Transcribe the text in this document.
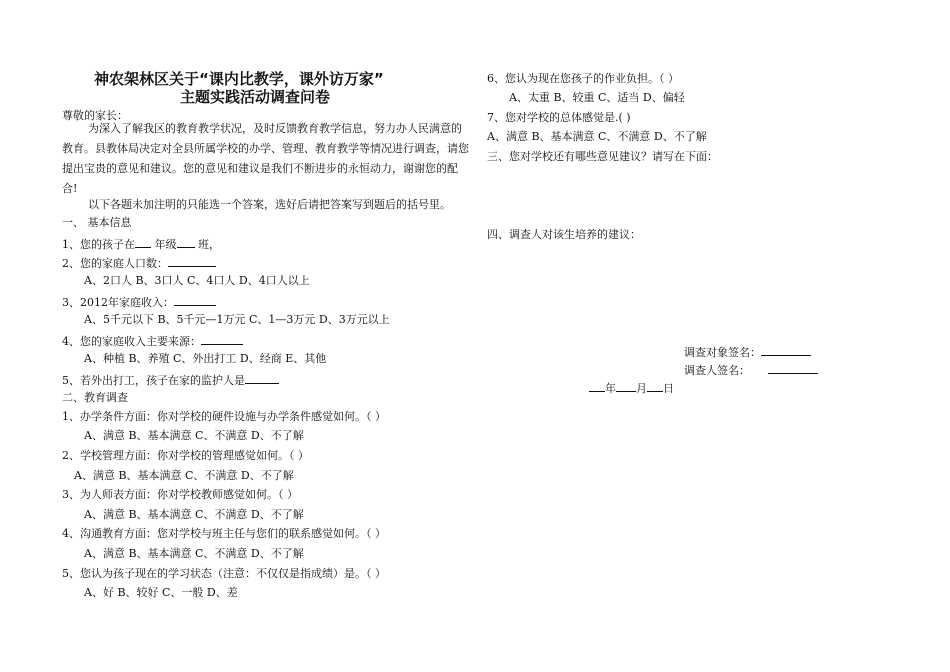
神农架林区关于“课内比教学，课外访万家”
主题实践活动调查问卷
尊敬的家长：
为深入了解我区的教育教学状况，及时反馈教育教学信息，努力办人民满意的教育。县教体局决定对全县所属学校的办学、管理、教育教学等情况进行调查，请您提出宝贵的意见和建议。您的意见和建议是我们不断进步的永恒动力，谢谢您的配合!
以下各题未加注明的只能选一个答案，选好后请把答案写到题后的括号里。
一、 基本信息
1、您的孩子在 年级 班，
2、您的家庭人口数：
A、2口人 B、3口人 C、4口人 D、4口人以上
3、2012年家庭收入：
A、5千元以下 B、5千元—1万元 C、1—3万元 D、3万元以上
4、您的家庭收入主要来源：
A、种植 B、养殖 C、外出打工 D、经商 E、其他
5、若外出打工，孩子在家的监护人是
二、教育调查
1、办学条件方面：你对学校的硬件设施与办学条件感觉如何。（ ）
A、满意 B、基本满意 C、不满意 D、不了解
2、学校管理方面：你对学校的管理感觉如何。（ ）
A、满意 B、基本满意 C、不满意 D、不了解
3、为人师表方面：你对学校教师感觉如何。（ ）
A、满意 B、基本满意 C、不满意 D、不了解
4、沟通教育方面：您对学校与班主任与您们的联系感觉如何。（ ）
A、满意 B、基本满意 C、不满意 D、不了解
5、您认为孩子现在的学习状态（注意：不仅仅是指成绩）是。（ ）
A、好 B、较好 C、一般 D、差
6、您认为现在您孩子的作业负担。（ ）
A、太重 B、较重 C、适当 D、偏轻
7、您对学校的总体感觉是.( )
A、满意 B、基本满意 C、不满意 D、不了解
三、您对学校还有哪些意见建议？请写在下面：
四、调查人对该生培养的建议：
调查对象签名：
调查人签名：
年 月 日
